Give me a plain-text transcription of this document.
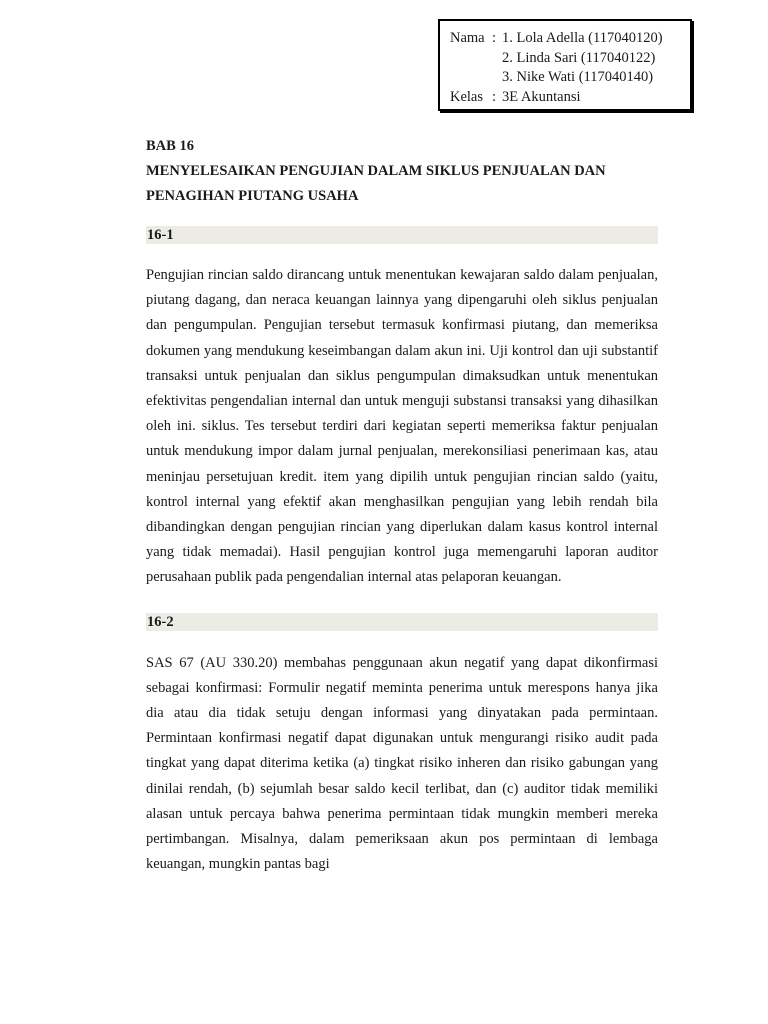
Nama : 1. Lola Adella (117040120)
2. Linda Sari (117040122)
3. Nike Wati (117040140)
Kelas : 3E Akuntansi

BAB 16

MENYELESAIKAN PENGUJIAN DALAM SIKLUS PENJUALAN DAN

PENAGIHAN PIUTANG USAHA

16-1

Pengujian rincian saldo dirancang untuk menentukan kewajaran saldo dalam penjualan, piutang dagang, dan neraca keuangan lainnya yang dipengaruhi oleh siklus penjualan dan pengumpulan. Pengujian tersebut termasuk konfirmasi piutang, dan memeriksa dokumen yang mendukung keseimbangan dalam akun ini. Uji kontrol dan uji substantif transaksi untuk penjualan dan siklus pengumpulan dimaksudkan untuk menentukan efektivitas pengendalian internal dan untuk menguji substansi transaksi yang dihasilkan oleh ini. siklus. Tes tersebut terdiri dari kegiatan seperti memeriksa faktur penjualan untuk mendukung impor dalam jurnal penjualan, merekonsiliasi penerimaan kas, atau meninjau persetujuan kredit. item yang dipilih untuk pengujian rincian saldo (yaitu, kontrol internal yang efektif akan menghasilkan pengujian yang lebih rendah bila dibandingkan dengan pengujian rincian yang diperlukan dalam kasus kontrol internal yang tidak memadai). Hasil pengujian kontrol juga memengaruhi laporan auditor perusahaan publik pada pengendalian internal atas pelaporan keuangan.

16-2

SAS 67 (AU 330.20) membahas penggunaan akun negatif yang dapat dikonfirmasi sebagai konfirmasi: Formulir negatif meminta penerima untuk merespons hanya jika dia atau dia tidak setuju dengan informasi yang dinyatakan pada permintaan. Permintaan konfirmasi negatif dapat digunakan untuk mengurangi risiko audit pada tingkat yang dapat diterima ketika (a) tingkat risiko inheren dan risiko gabungan yang dinilai rendah, (b) sejumlah besar saldo kecil terlibat, dan (c) auditor tidak memiliki alasan untuk percaya bahwa penerima permintaan tidak mungkin memberi mereka pertimbangan. Misalnya, dalam pemeriksaan akun pos permintaan di lembaga keuangan, mungkin pantas bagi
